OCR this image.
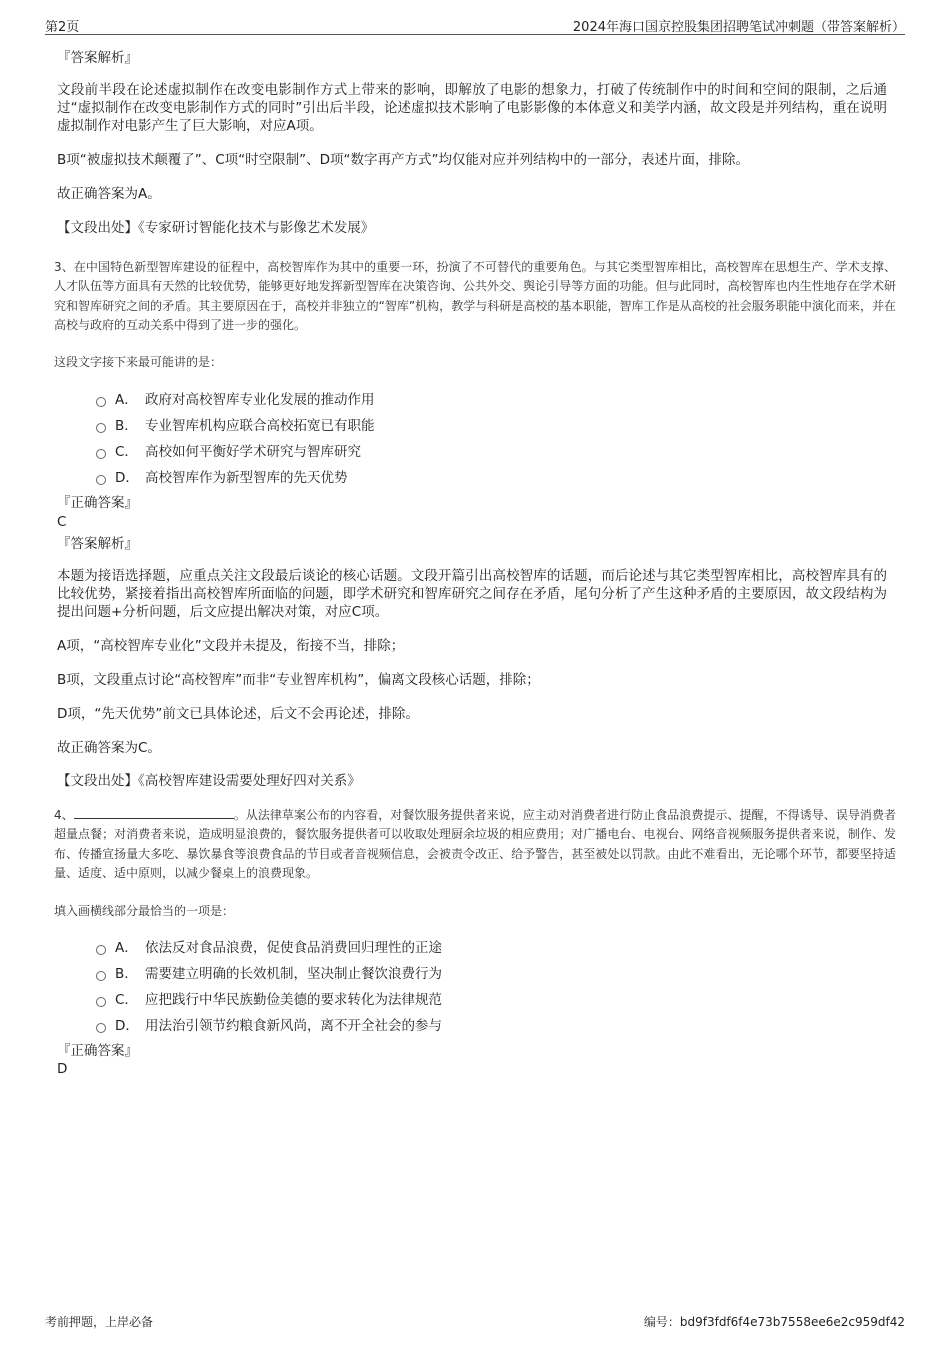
第2页	2024年海口国京控股集团招聘笔试冲刺题（带答案解析）
『答案解析』
文段前半段在论述虚拟制作在改变电影制作方式上带来的影响，即解放了电影的想象力，打破了传统制作中的时间和空间的限制，之后通过“虚拟制作在改变电影制作方式的同时”引出后半段，论述虚拟技术影响了电影影像的本体意义和美学内涵，故文段是并列结构，重在说明虚拟制作对电影产生了巨大影响，对应A项。
B项“被虚拟技术颠覆了”、C项“时空限制”、D项“数字再产方式”均仅能对应并列结构中的一部分，表述片面，排除。
故正确答案为A。
【文段出处】《专家研讨智能化技术与影像艺术发展》
3、在中国特色新型智库建设的征程中，高校智库作为其中的重要一环，扮演了不可替代的重要角色。与其它类型智库相比，高校智库在思想生产、学术支撑、人才队伍等方面具有天然的比较优势，能够更好地发挥新型智库在决策咨询、公共外交、舆论引导等方面的功能。但与此同时，高校智库也内生性地存在学术研究和智库研究之间的矛盾。其主要原因在于，高校并非独立的“智库”机构，教学与科研是高校的基本职能，智库工作是从高校的社会服务职能中演化而来，并在高校与政府的互动关系中得到了进一步的强化。
这段文字接下来最可能讲的是：
A． 政府对高校智库专业化发展的推动作用
B． 专业智库机构应联合高校拓宽已有职能
C． 高校如何平衡好学术研究与智库研究
D． 高校智库作为新型智库的先天优势
『正确答案』
C
『答案解析』
本题为接语选择题，应重点关注文段最后谈论的核心话题。文段开篇引出高校智库的话题，而后论述与其它类型智库相比，高校智库具有的比较优势，紧接着指出高校智库所面临的问题，即学术研究和智库研究之间存在矛盾，尾句分析了产生这种矛盾的主要原因，故文段结构为提出问题+分析问题，后文应提出解决对策，对应C项。
A项，“高校智库专业化”文段并未提及，衔接不当，排除；
B项，文段重点讨论“高校智库”而非“专业智库机构”，偏离文段核心话题，排除；
D项，“先天优势”前文已具体论述，后文不会再论述，排除。
故正确答案为C。
【文段出处】《高校智库建设需要处理好四对关系》
4、	。从法律草案公布的内容看，对餐饮服务提供者来说，应主动对消费者进行防止食品浪费提示、提醒，不得诱导、误导消费者超量点餐；对消费者来说，造成明显浪费的，餐饮服务提供者可以收取处理厨余垃圾的相应费用；对广播电台、电视台、网络音视频服务提供者来说，制作、发布、传播宣扬量大多吃、暴饮暴食等浪费食品的节目或者音视频信息，会被责令改正、给予警告，甚至被处以罚款。由此不难看出，无论哪个环节，都要坚持适量、适度、适中原则，以减少餐桌上的浪费现象。
填入画横线部分最恰当的一项是：
A． 依法反对食品浪费，促使食品消费回归理性的正途
B． 需要建立明确的长效机制，坚决制止餐饮浪费行为
C． 应把践行中华民族勤俭美德的要求转化为法律规范
D． 用法治引领节约粮食新风尚，离不开全社会的参与
『正确答案』
D
考前押题，上岸必备	编号：bd9f3fdf6f4e73b7558ee6e2c959df42
